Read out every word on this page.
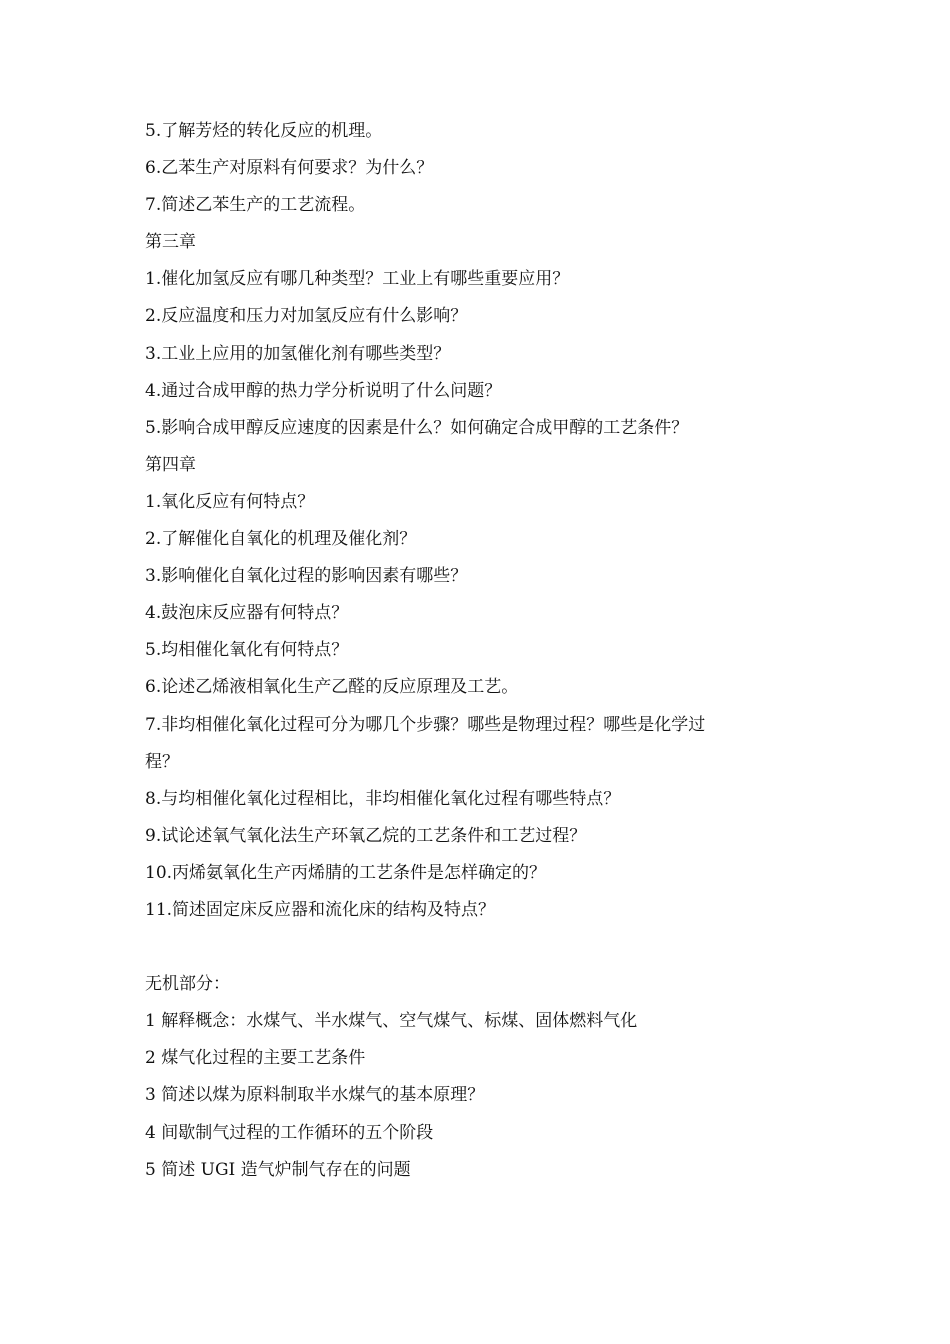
5.了解芳烃的转化反应的机理。
6.乙苯生产对原料有何要求？为什么？
7.简述乙苯生产的工艺流程。
第三章
1.催化加氢反应有哪几种类型？工业上有哪些重要应用？
2.反应温度和压力对加氢反应有什么影响？
3.工业上应用的加氢催化剂有哪些类型？
4.通过合成甲醇的热力学分析说明了什么问题？
5.影响合成甲醇反应速度的因素是什么？如何确定合成甲醇的工艺条件？
第四章
1.氧化反应有何特点？
2.了解催化自氧化的机理及催化剂？
3.影响催化自氧化过程的影响因素有哪些？
4.鼓泡床反应器有何特点？
5.均相催化氧化有何特点？
6.论述乙烯液相氧化生产乙醛的反应原理及工艺。
7.非均相催化氧化过程可分为哪几个步骤？哪些是物理过程？哪些是化学过
程？
8.与均相催化氧化过程相比，非均相催化氧化过程有哪些特点？
9.试论述氧气氧化法生产环氧乙烷的工艺条件和工艺过程？
10.丙烯氨氧化生产丙烯腈的工艺条件是怎样确定的？
11.简述固定床反应器和流化床的结构及特点？
无机部分：
1 解释概念：水煤气、半水煤气、空气煤气、标煤、固体燃料气化
2 煤气化过程的主要工艺条件
3 简述以煤为原料制取半水煤气的基本原理？
4 间歇制气过程的工作循环的五个阶段
5 简述 UGI 造气炉制气存在的问题
